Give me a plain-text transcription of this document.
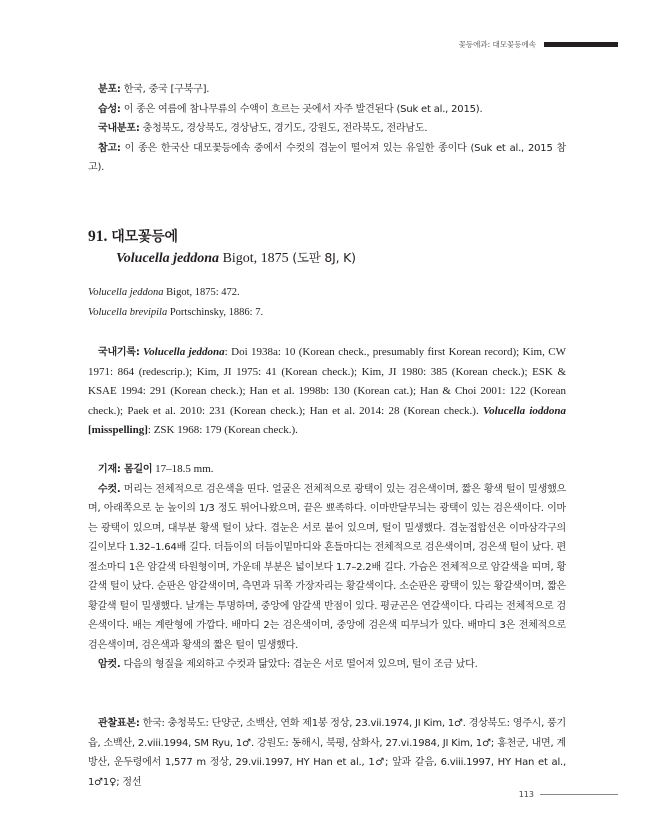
꽃등에과: 대모꽃등에속

분포: 한국, 중국 [구북구].

습성: 이 종은 여름에 참나무류의 수액이 흐르는 곳에서 자주 발견된다 (Suk et al., 2015).

국내분포: 충청북도, 경상북도, 경상남도, 경기도, 강원도, 전라북도, 전라남도.

참고: 이 종은 한국산 대모꽃등에속 중에서 수컷의 겹눈이 떨어져 있는 유일한 종이다 (Suk et al., 2015 참고).

91. 대모꽃등에
Volucella jeddona Bigot, 1875 (도판 8J, K)
Volucella jeddona Bigot, 1875: 472.
Volucella brevipila Portschinsky, 1886: 7.

국내기록: Volucella jeddona: Doi 1938a: 10 (Korean check., presumably first Korean record); Kim, CW 1971: 864 (redescrip.); Kim, JI 1975: 41 (Korean check.); Kim, JI 1980: 385 (Korean check.); ESK & KSAE 1994: 291 (Korean check.); Han et al. 1998b: 130 (Korean cat.); Han & Choi 2001: 122 (Korean check.); Paek et al. 2010: 231 (Korean check.); Han et al. 2014: 28 (Korean check.). Volucella ioddona [misspelling]: ZSK 1968: 179 (Korean check.).

기재: 몸길이 17–18.5 mm.

수컷. 머리는 전체적으로 검은색을 띤다. 얼굴은 전체적으로 광택이 있는 검은색이며, 짧은 황색 털이 밀생했으며, 아래쪽으로 눈 높이의 1/3 정도 튀어나왔으며, 끝은 뾰족하다. 이마반달무늬는 광택이 있는 검은색이다. 이마는 광택이 있으며, 대부분 황색 털이 났다. 겹눈은 서로 붙어 있으며, 털이 밀생했다. 겹눈접합선은 이마삼각구의 길이보다 1.32–1.64배 길다. 더듬이의 더듬이밑마디와 흔들마디는 전체적으로 검은색이며, 검은색 털이 났다. 편절소마디 1은 암갈색 타원형이며, 가운데 부분은 넓이보다 1.7–2.2배 길다. 가슴은 전체적으로 암갈색을 띠며, 황갈색 털이 났다. 순판은 암갈색이며, 측면과 뒤쪽 가장자리는 황갈색이다. 소순판은 광택이 있는 황갈색이며, 짧은 황갈색 털이 밀생했다. 날개는 투명하며, 중앙에 암갈색 반점이 있다. 평균곤은 연갈색이다. 다리는 전체적으로 검은색이다. 배는 계란형에 가깝다. 배마디 2는 검은색이며, 중앙에 검은색 띠무늬가 있다. 배마디 3은 전체적으로 검은색이며, 검은색과 황색의 짧은 털이 밀생했다.

암컷. 다음의 형질을 제외하고 수컷과 닮았다: 겹눈은 서로 떨어져 있으며, 털이 조금 났다.

관찰표본: 한국: 충청북도: 단양군, 소백산, 연화 제1봉 정상, 23.vii.1974, JI Kim, 1♂. 경상북도: 영주시, 풍기읍, 소백산, 2.viii.1994, SM Ryu, 1♂. 강원도: 동해시, 북평, 삼화사, 27.vi.1984, JI Kim, 1♂; 홍천군, 내면, 계방산, 운두령에서 1,577 m 정상, 29.vii.1997, HY Han et al., 1♂; 앞과 같음, 6.viii.1997, HY Han et al., 1♂1♀; 정선

113
